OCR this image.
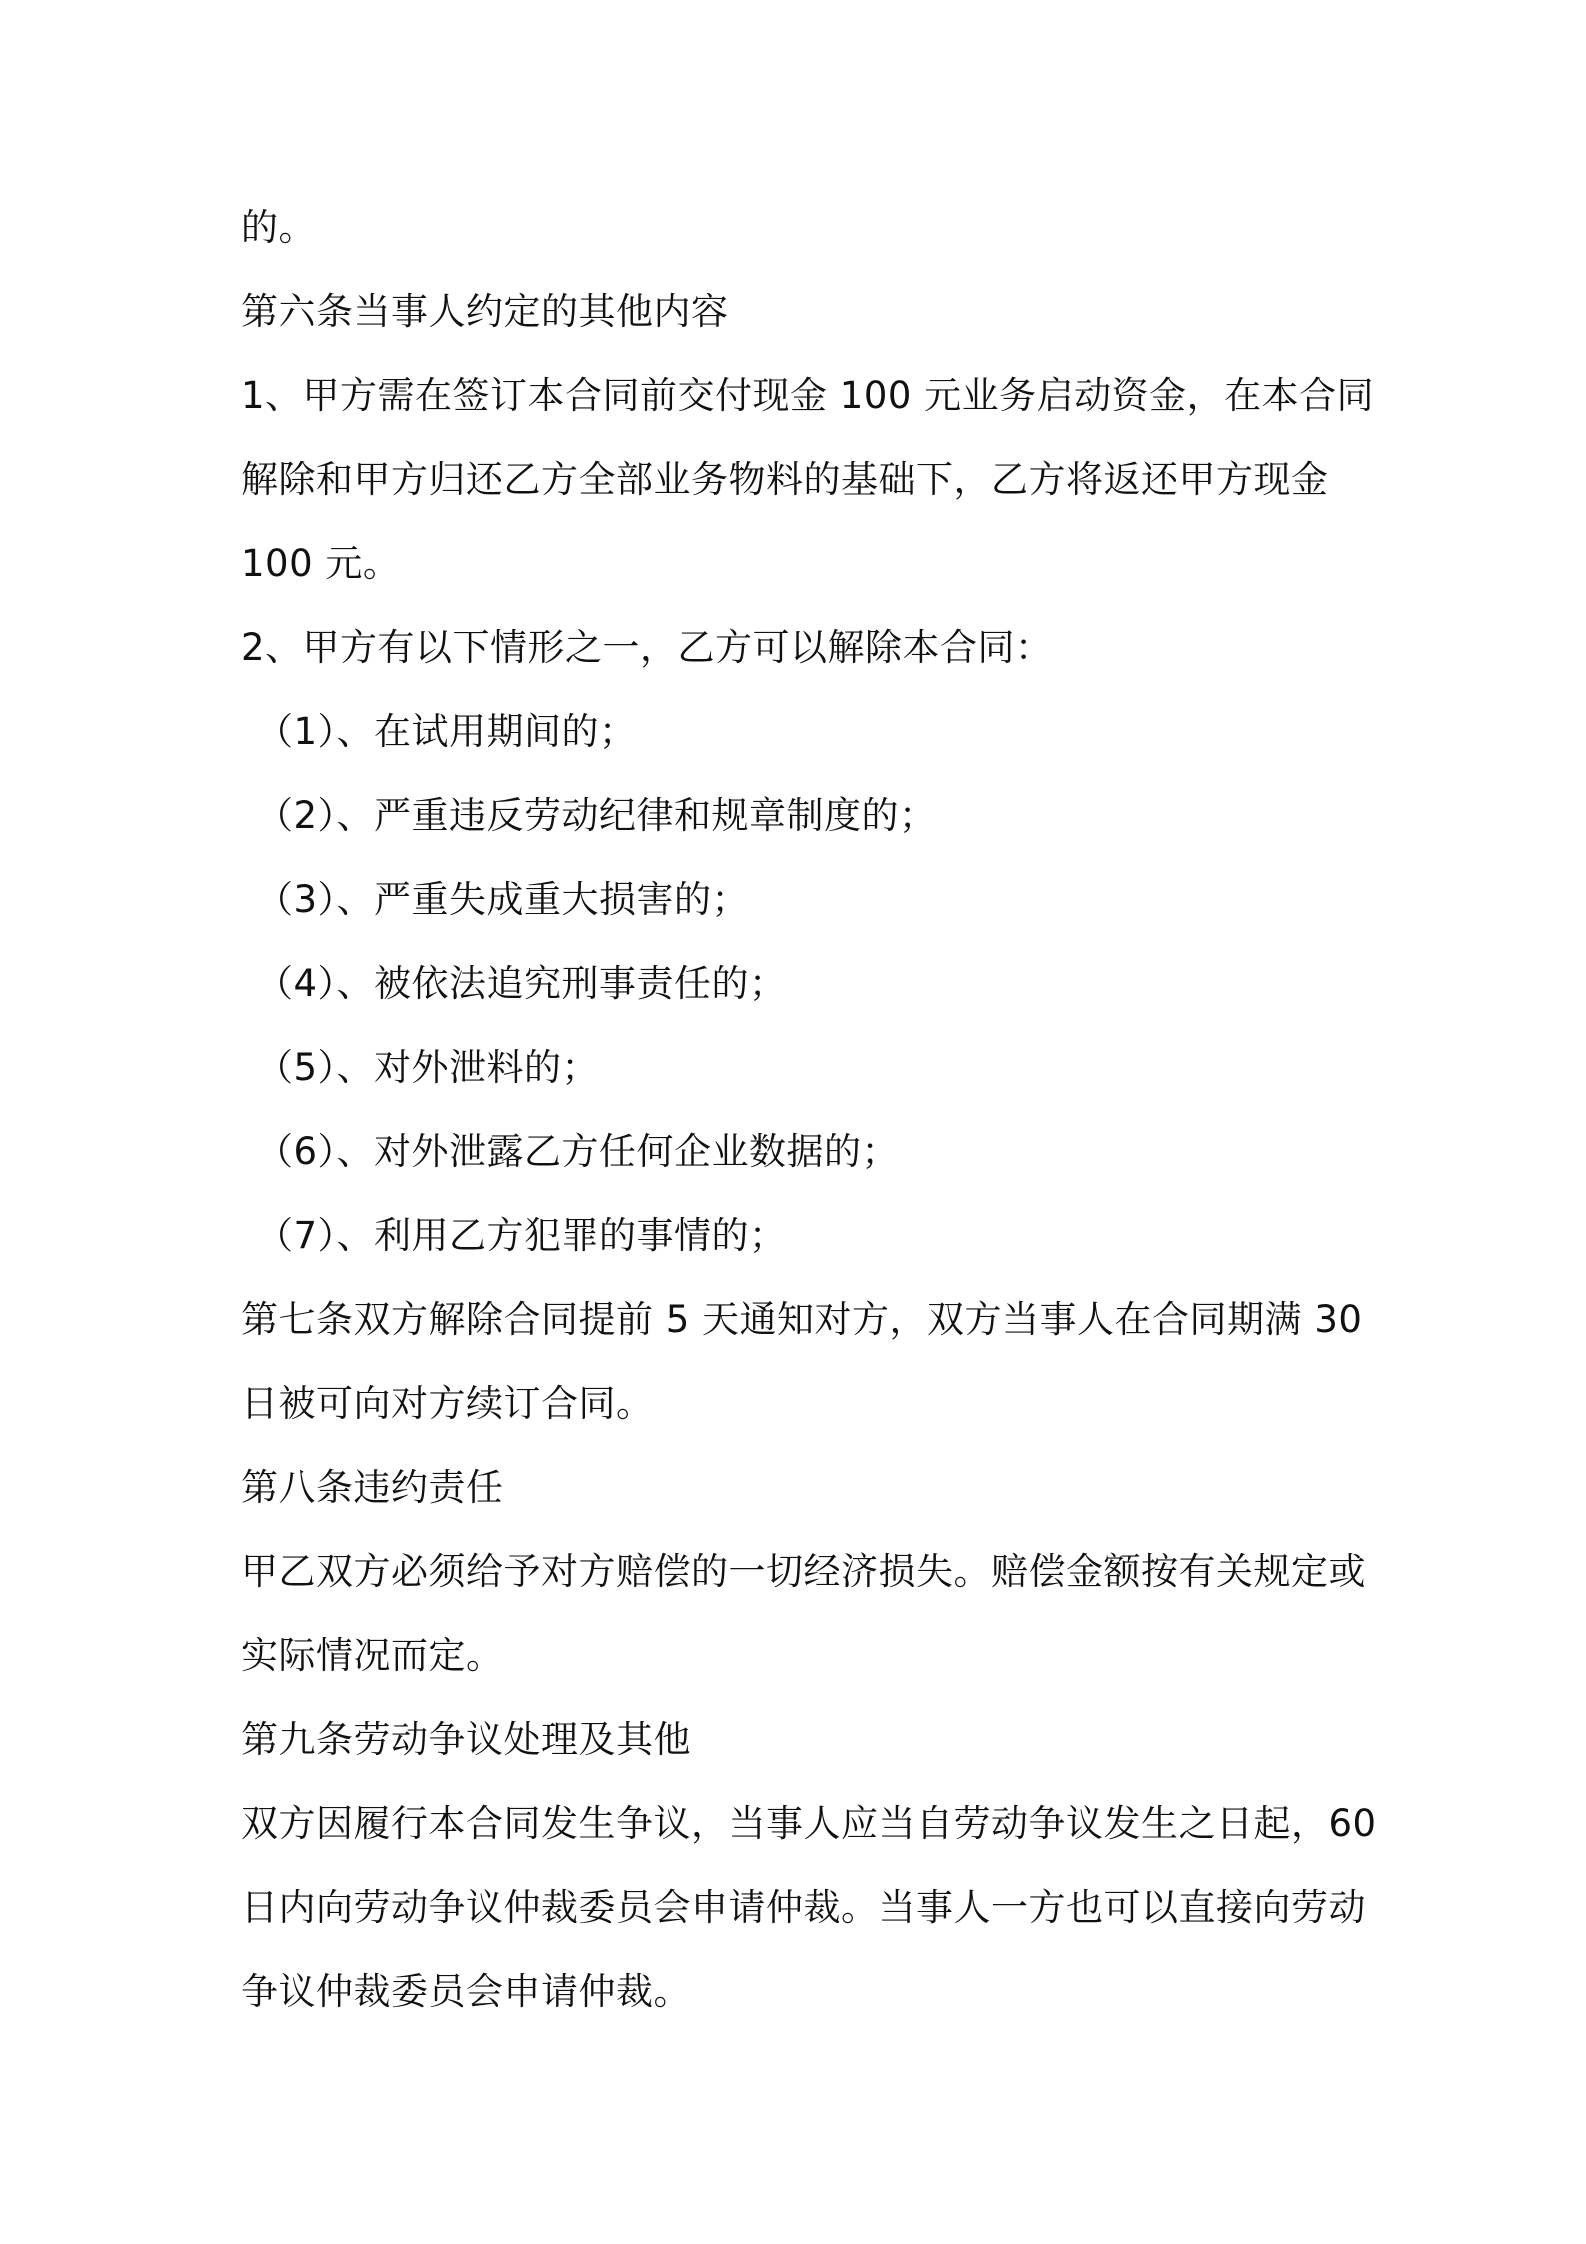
的。
第六条当事人约定的其他内容
1、甲方需在签订本合同前交付现金 100 元业务启动资金，在本合同
解除和甲方归还乙方全部业务物料的基础下，乙方将返还甲方现金
100 元。
2、甲方有以下情形之一，乙方可以解除本合同：
（1）、在试用期间的；
（2）、严重违反劳动纪律和规章制度的；
（3）、严重失成重大损害的；
（4）、被依法追究刑事责任的；
（5）、对外泄料的；
（6）、对外泄露乙方任何企业数据的；
（7）、利用乙方犯罪的事情的；
第七条双方解除合同提前 5 天通知对方，双方当事人在合同期满 30
日被可向对方续订合同。
第八条违约责任
甲乙双方必须给予对方赔偿的一切经济损失。赔偿金额按有关规定或
实际情况而定。
第九条劳动争议处理及其他
双方因履行本合同发生争议，当事人应当自劳动争议发生之日起，60
日内向劳动争议仲裁委员会申请仲裁。当事人一方也可以直接向劳动
争议仲裁委员会申请仲裁。
